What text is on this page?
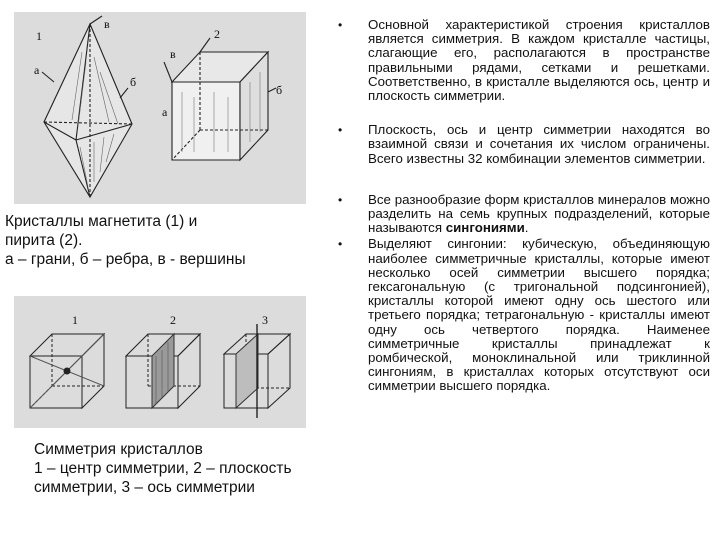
1
в
а
б
2
в
б
а
Кристаллы магнетита (1) и
пирита (2).
а – грани, б – ребра, в - вершины
1	2	3
Симметрия кристаллов
1 – центр симметрии, 2 – плоскость
симметрии, 3 – ось симметрии
• Основной характеристикой строения кристаллов является симметрия. В каждом кристалле частицы, слагающие его, располагаются в пространстве правильными рядами, сетками и решетками. Соответственно, в кристалле выделяются ось, центр и плоскость симметрии.
• Плоскость, ось и центр симметрии находятся во взаимной связи и сочетания их числом ограничены. Всего известны 32 комбинации элементов симметрии.
• Все разнообразие форм кристаллов минералов можно разделить на семь крупных подразделений, которые называются сингониями.
• Выделяют сингонии: кубическую, объединяющую наиболее симметричные кристаллы, которые имеют несколько осей симметрии высшего порядка; гексагональную (с тригональной подсингонией), кристаллы которой имеют одну ось шестого или третьего порядка; тетрагональную - кристаллы имеют одну ось четвертого порядка. Наименее симметричные кристаллы принадлежат к ромбической, моноклинальной или триклинной сингониям, в кристаллах которых отсутствуют оси симметрии высшего порядка.
